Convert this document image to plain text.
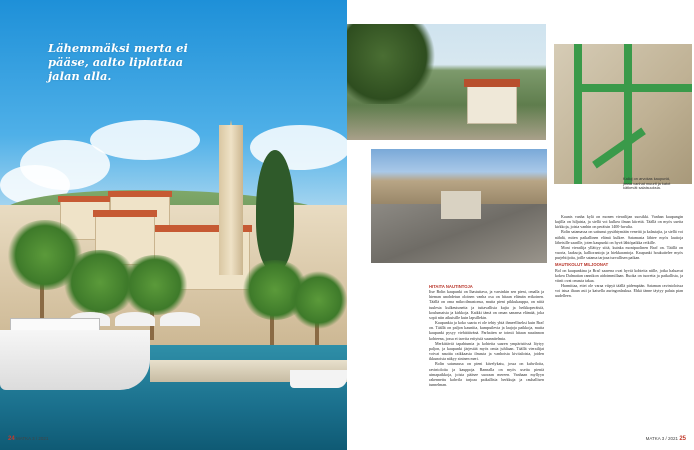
Lähemmäksi merta ei pääse, aalto liplattaa jalan alla.
24 MATKA 3 / 2021
Kalloj on arvokas kaupunki, jossa vanhat muurit ja katot kätkevät salaisuuksia.
HITAITA NAUTINTOJA

Itse Bolin kaupunki on lhastuttava, ja varsinkin sen pieni, omalla ja hieman unohdetun oloinen vanha osa on hitaan elämän erikoinen. Täällä on oma mikroilmastonsa, mutta pieni pikkukauppa, on niitä tuulesta kulkeutuneita ja tuttavallisia kujia ja heikkoperäisiä, koulumaisia ja kirkkoja. Kaikki tämä on oman sanansa elämää, joka sopii niin aikuisille kuin lapsillekin.

Kaupunkia ja koko saarta ei ole tehty yhtä ihmeelliseksi kuin Brač on. Täällä on paljon kauniita, kumpuilevia ja laajoja paikkoja, mutta kaupunki pysyy viehättävänä. Parhaiten se toimii hitaan nautinnon kohteena, jossa ei tarvita erityisiä suunnitelmia.

Merkittäviä tapahtumia ja kohteita saaren ympäristössä löytyy paljon, ja kaupunki järjestää myös omia juhliaan. Täällä vierailijat voivat nauttia raikkaasta ilmasta ja vanhoista kivitaloista, joiden ikkunoista näkyy sininen meri.

Bolin satamassa on pieni kävelykatu, jossa on kahviloita, ravintoloita ja kauppoja. Rannalla on myös useita pieniä uimapaikkoja, joista pääsee suoraan mereen. Vanhaan myllyyn rakennettu kahvila tarjoaa paikallisia herkkuja ja rauhallisen tunnelman.

Kaunis vanha kylä on monen vierailijan suosikki. Vanhan kaupungin kujilla on hiljaista, ja siellä voi kulkea ilman kiirettä. Täällä on myös useita kirkkoja, joista vanhin on peräisin 1400-luvulta.

Bolin satamassa on sattunut pysähtymään veneitä ja kalastajia, ja siellä voi nähdä, miten paikallinen elämä kulkee. Satamasta lähtee myös lauttoja läheisille saarille, joten kaupunki on hyvä lähtöpaikka retkille.

Moni vierailija yllättyy siitä, kuinka monipuolinen Brač on. Täällä on vuoria, laaksoja, kalliorantoja ja hiekkarantoja. Kaupunki houkuttelee myös purjehtijoita, joille satama tarjoaa turvallisen paikan.

MAUTIKOLUT MILJOONAT

Bol on kaupunkina ja Brač saarena ovat hyviä kohteita niille, jotka haluavat kokea Dalmatian rannikon aidoimmillaan. Ruoka on tuoretta ja paikallista, ja viinit ovat omasta takaa.

Harmittaa, ettei ole varaa viipyä täällä pidempään. Sataman ravintoloissa voi istua iltaan asti ja katsella auringonlaskua. Ehkä tänne täytyy palata pian uudelleen.

MATKA 3 / 2021 25
